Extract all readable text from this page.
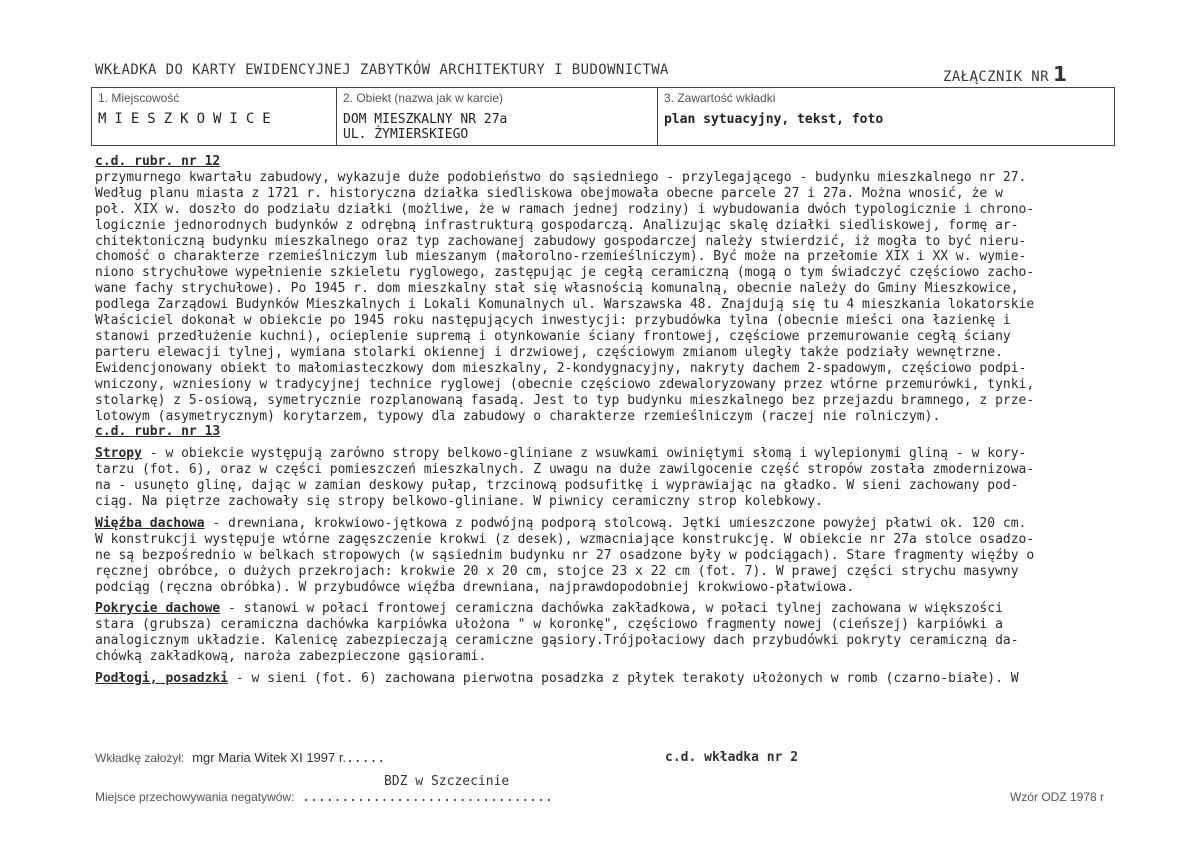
WKŁADKA DO KARTY EWIDENCYJNEJ ZABYTKÓW ARCHITEKTURY I BUDOWNICTWA	ZAŁĄCZNIK NR 1
1. Miejscowość
MIESZKOWICE

2. Obiekt (nazwa jak w karcie)
DOM MIESZKALNY NR 27a
UL. ŻYMIERSKIEGO

3. Zawartość wkładki
plan sytuacyjny, tekst, foto
c.d. rubr. nr 12

przymurnego kwartału zabudowy, wykazuje duże podobieństwo do sąsiedniego - przylegającego - budynku mieszkalnego nr 27.

Według planu miasta z 1721 r. historyczna działka siedliskowa obejmowała obecne parcele 27 i 27a. Można wnosić, że w

poł. XIX w. doszło do podziału działki (możliwe, że w ramach jednej rodziny) i wybudowania dwóch typologicznie i chrono-

logicznie jednorodnych budynków z odrębną infrastrukturą gospodarczą. Analizując skalę działki siedliskowej, formę ar-

chitektoniczną budynku mieszkalnego oraz typ zachowanej zabudowy gospodarczej należy stwierdzić, iż mogła to być nieru-

chomość o charakterze rzemieślniczym lub mieszanym (małorolno-rzemieślniczym). Być może na przełomie XIX i XX w. wymie-

niono strychułowe wypełnienie szkieletu ryglowego, zastępując je cegłą ceramiczną (mogą o tym świadczyć częściowo zacho-

wane fachy strychułowe). Po 1945 r. dom mieszkalny stał się własnością komunalną, obecnie należy do Gminy Mieszkowice,

podlega Zarządowi Budynków Mieszkalnych i Lokali Komunalnych ul. Warszawska 48. Znajdują się tu 4 mieszkania lokatorskie

Właściciel dokonał w obiekcie po 1945 roku następujących inwestycji: przybudówka tylna (obecnie mieści ona łazienkę i

stanowi przedłużenie kuchni), ocieplenie supremą i otynkowanie ściany frontowej, częściowe przemurowanie cegłą ściany

parteru elewacji tylnej, wymiana stolarki okiennej i drzwiowej, częściowym zmianom uległy także podziały wewnętrzne.

Ewidencjonowany obiekt to małomiasteczkowy dom mieszkalny, 2-kondygnacyjny, nakryty dachem 2-spadowym, częściowo podpi-

wniczony, wzniesiony w tradycyjnej technice ryglowej (obecnie częściowo zdewaloryzowany przez wtórne przemurówki, tynki,

stolarkę) z 5-osiową, symetrycznie rozplanowaną fasadą. Jest to typ budynku mieszkalnego bez przejazdu bramnego, z prze-

lotowym (asymetrycznym) korytarzem, typowy dla zabudowy o charakterze rzemieślniczym (raczej nie rolniczym).

c.d. rubr. nr 13

Stropy - w obiekcie występują zarówno stropy belkowo-gliniane z wsuwkami owiniętymi słomą i wylepionymi gliną - w kory-

tarzu (fot. 6), oraz w części pomieszczeń mieszkalnych. Z uwagu na duże zawilgocenie część stropów została zmodernizowa-

na - usunęto glinę, dając w zamian deskowy pułap, trzcinową podsufitkę i wyprawiając na gładko. W sieni zachowany pod-

ciąg. Na piętrze zachowały się stropy belkowo-gliniane. W piwnicy ceramiczny strop kolebkowy.

Więźba dachowa - drewniana, krokwiowo-jętkowa z podwójną podporą stolcową. Jętki umieszczone powyżej płatwi ok. 120 cm.

W konstrukcji występuje wtórne zagęszczenie krokwi (z desek), wzmacniające konstrukcję. W obiekcie nr 27a stolce osadzo-

ne są bezpośrednio w belkach stropowych (w sąsiednim budynku nr 27 osadzone były w podciągach). Stare fragmenty więźby o

ręcznej obróbce, o dużych przekrojach: krokwie 20 x 20 cm, stojce 23 x 22 cm (fot. 7). W prawej części strychu masywny

podciąg (ręczna obróbka). W przybudówce więźba drewniana, najprawdopodobniej krokwiowo-płatwiowa.

Pokrycie dachowe - stanowi w połaci frontowej ceramiczna dachówka zakładkowa, w połaci tylnej zachowana w większości

stara (grubsza) ceramiczna dachówka karpiówka ułożona " w koronkę", częściowo fragmenty nowej (cieńszej) karpiówki a

analogicznym układzie. Kalenicę zabezpieczają ceramiczne gąsiory.Trójpołaciowy dach przybudówki pokryty ceramiczną da-

chówką zakładkową, naroża zabezpieczone gąsiorami.

Podłogi, posadzki - w sieni (fot. 6) zachowana pierwotna posadzka z płytek terakoty ułożonych w romb (czarno-białe). W

Wkładkę założył: mgr Maria Witek XI 1997 r......	c.d. wkładka nr 2
BDZ w Szczecinie
Miejsce przechowywania negatywów: ................................	Wzór ODZ 1978 r
